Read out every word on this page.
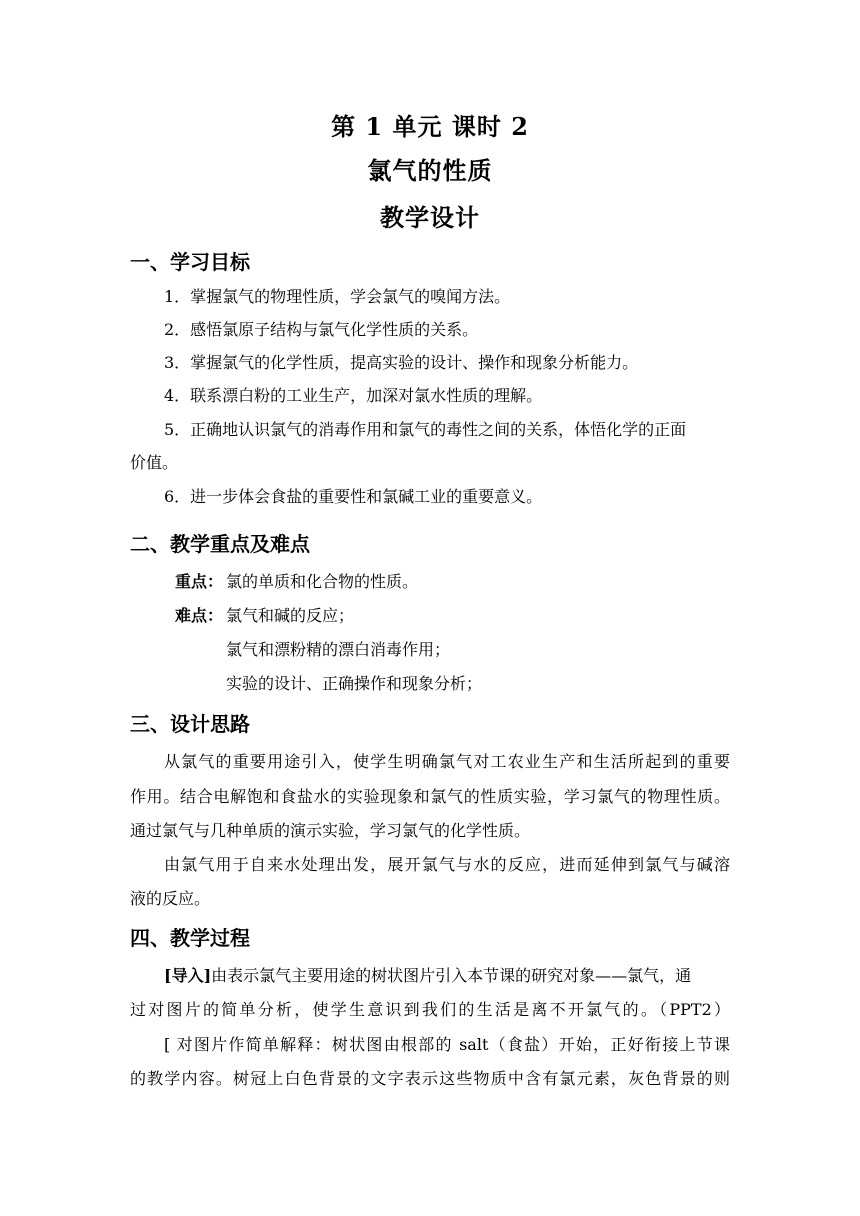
第 1 单元 课时 2
氯气的性质
教学设计
一、学习目标
1．掌握氯气的物理性质，学会氯气的嗅闻方法。
2．感悟氯原子结构与氯气化学性质的关系。
3．掌握氯气的化学性质，提高实验的设计、操作和现象分析能力。
4．联系漂白粉的工业生产，加深对氯水性质的理解。
5．正确地认识氯气的消毒作用和氯气的毒性之间的关系，体悟化学的正面
价值。
6．进一步体会食盐的重要性和氯碱工业的重要意义。
二、教学重点及难点
重点： 氯的单质和化合物的性质。
难点： 氯气和碱的反应；
氯气和漂粉精的漂白消毒作用；
实验的设计、正确操作和现象分析；
三、设计思路
从氯气的重要用途引入，使学生明确氯气对工农业生产和生活所起到的重要
作用。结合电解饱和食盐水的实验现象和氯气的性质实验，学习氯气的物理性质。
通过氯气与几种单质的演示实验，学习氯气的化学性质。
由氯气用于自来水处理出发，展开氯气与水的反应，进而延伸到氯气与碱溶
液的反应。
四、教学过程
[导入]由表示氯气主要用途的树状图片引入本节课的研究对象——氯气，通
过对图片的简单分析，使学生意识到我们的生活是离不开氯气的。（PPT2）
[ 对图片作简单解释：树状图由根部的 salt（食盐）开始，正好衔接上节课
的教学内容。树冠上白色背景的文字表示这些物质中含有氯元素，灰色背景的则
